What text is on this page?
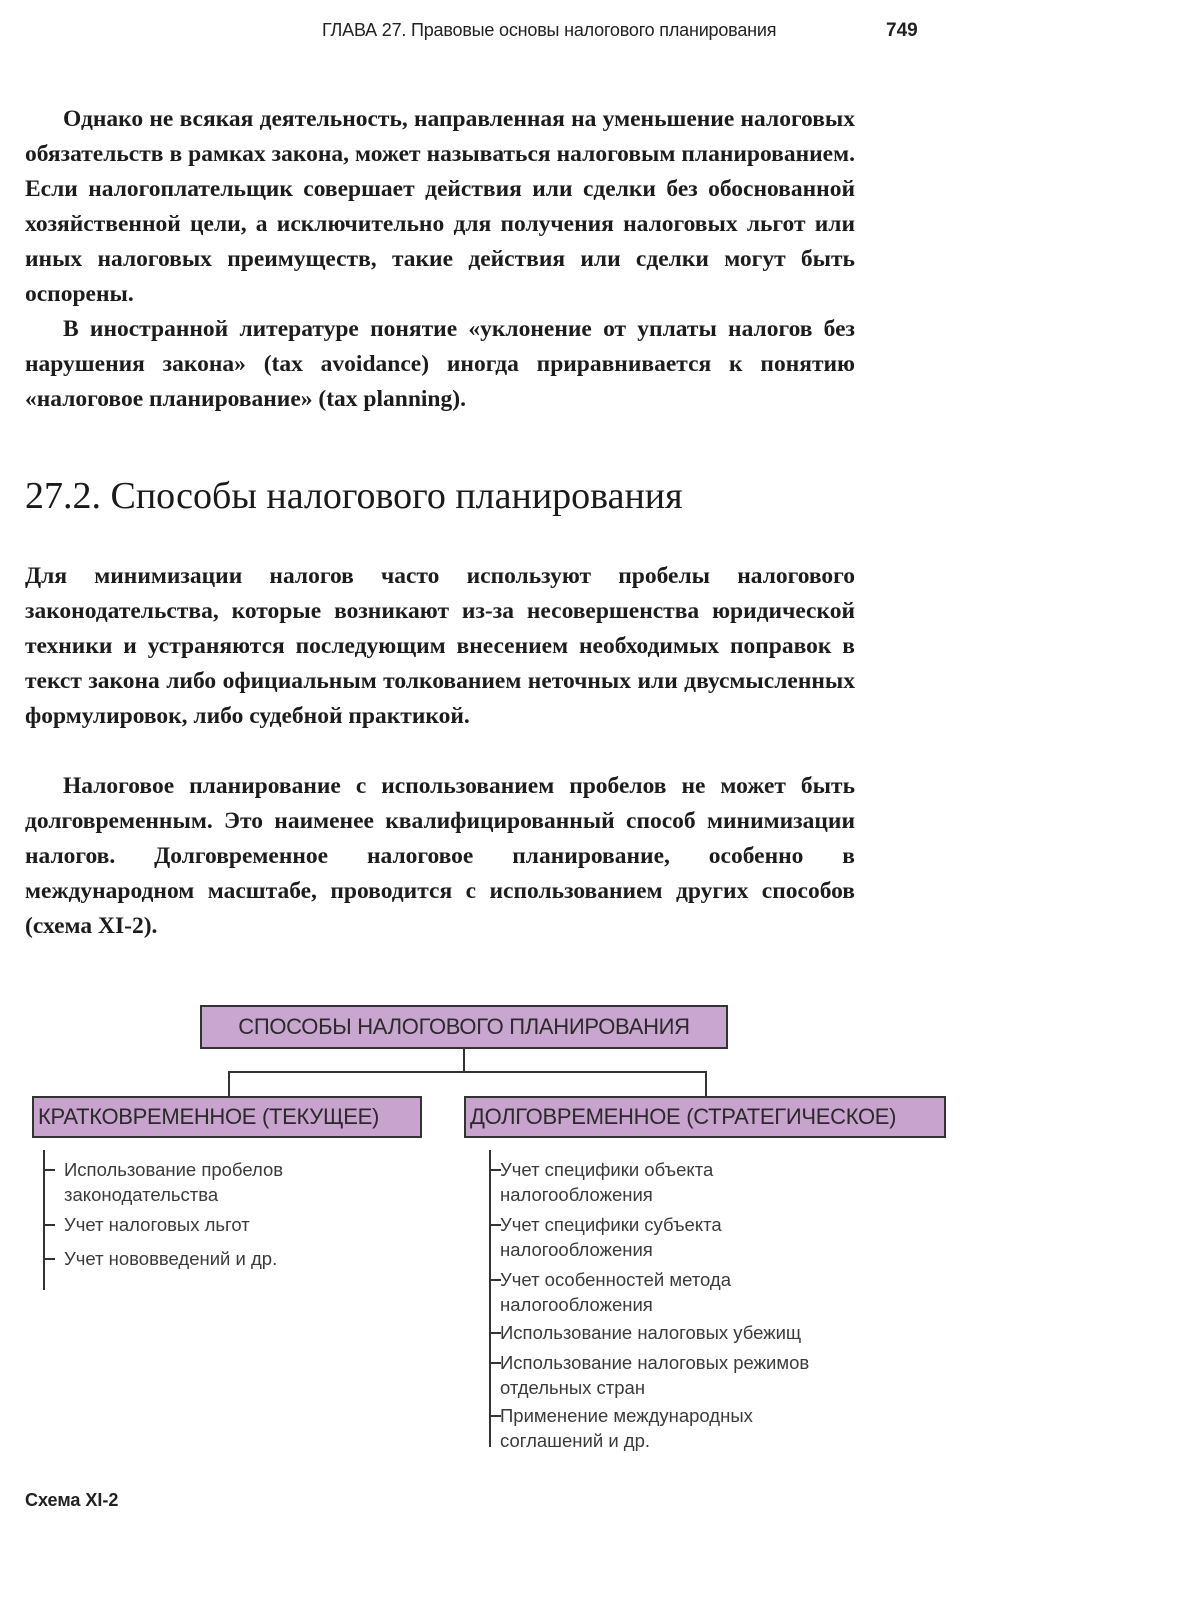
ГЛАВА 27. Правовые основы налогового планирования	749

Однако не всякая деятельность, направленная на уменьшение налоговых обязательств в рамках закона, может называться налоговым планированием. Если налогоплательщик совершает действия или сделки без обоснованной хозяйственной цели, а исключительно для получения налоговых льгот или иных налоговых преимуществ, такие действия или сделки могут быть оспорены.

В иностранной литературе понятие «уклонение от уплаты налогов без нарушения закона» (tax avoidance) иногда приравнивается к понятию «налоговое планирование» (tax planning).

27.2. Способы налогового планирования

Для минимизации налогов часто используют пробелы налогового законодательства, которые возникают из-за несовершенства юридической техники и устраняются последующим внесением необходимых поправок в текст закона либо официальным толкованием неточных или двусмысленных формулировок, либо судебной практикой.

Налоговое планирование с использованием пробелов не может быть долговременным. Это наименее квалифицированный способ минимизации налогов. Долговременное налоговое планирование, особенно в международном масштабе, проводится с использованием других способов (схема XI-2).

СПОСОБЫ НАЛОГОВОГО ПЛАНИРОВАНИЯ
КРАТКОВРЕМЕННОЕ (ТЕКУЩЕЕ)	ДОЛГОВРЕМЕННОЕ (СТРАТЕГИЧЕСКОЕ)
Использование пробелов
законодательства
Учет налоговых льгот
Учет нововведений и др.
Учет специфики объекта
налогообложения
Учет специфики субъекта
налогообложения
Учет особенностей метода
налогообложения
Использование налоговых убежищ
Использование налоговых режимов
отдельных стран
Применение международных
соглашений и др.
Схема XI-2
